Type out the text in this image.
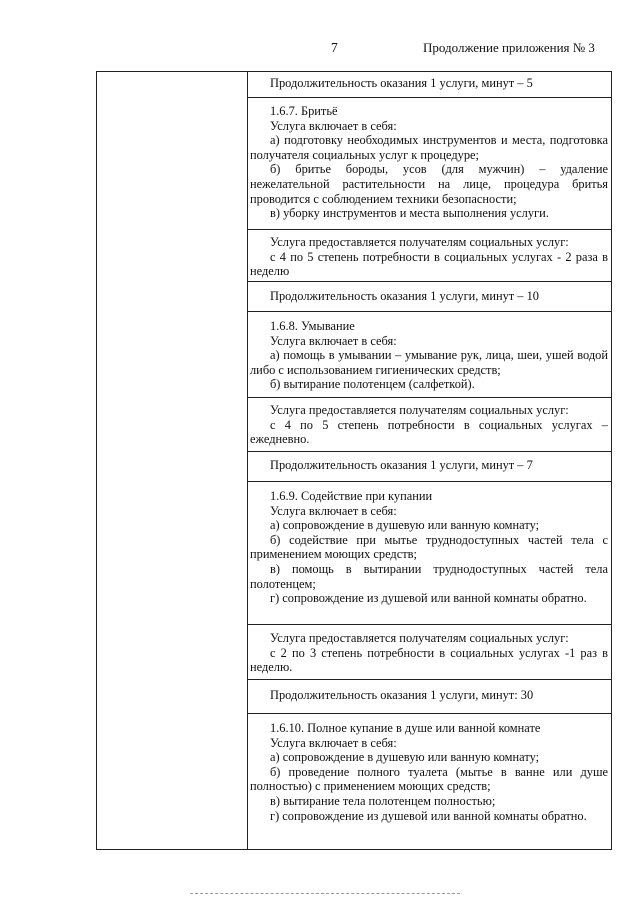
7	Продолжение приложения № 3

Продолжительность оказания 1 услуги, минут – 5

1.6.7. Бритьё

Услуга включает в себя:

а) подготовку необходимых инструментов и места, подготовка получателя социальных услуг к процедуре;

б) бритье бороды, усов (для мужчин) – удаление нежелательной растительности на лице, процедура бритья проводится с соблюдением техники безопасности;

в) уборку инструментов и места выполнения услуги.

Услуга предоставляется получателям социальных услуг:

с 4 по 5 степень потребности в социальных услугах - 2 раза в неделю

Продолжительность оказания 1 услуги, минут – 10

1.6.8. Умывание

Услуга включает в себя:

а) помощь в умывании – умывание рук, лица, шеи, ушей водой либо с использованием гигиенических средств;

б) вытирание полотенцем (салфеткой).

Услуга предоставляется получателям социальных услуг:

с 4 по 5 степень потребности в социальных услугах – ежедневно.

Продолжительность оказания 1 услуги, минут – 7

1.6.9. Содействие при купании

Услуга включает в себя:

а) сопровождение в душевую или ванную комнату;

б) содействие при мытье труднодоступных частей тела с применением моющих средств;

в) помощь в вытирании труднодоступных частей тела полотенцем;

г) сопровождение из душевой или ванной комнаты обратно.

Услуга предоставляется получателям социальных услуг:

с 2 по 3 степень потребности в социальных услугах -1 раз в неделю.

Продолжительность оказания 1 услуги, минут: 30

1.6.10. Полное купание в душе или ванной комнате

Услуга включает в себя:

а) сопровождение в душевую или ванную комнату;

б) проведение полного туалета (мытье в ванне или душе полностью) с применением моющих средств;

в) вытирание тела полотенцем полностью;

г) сопровождение из душевой или ванной комнаты обратно.
